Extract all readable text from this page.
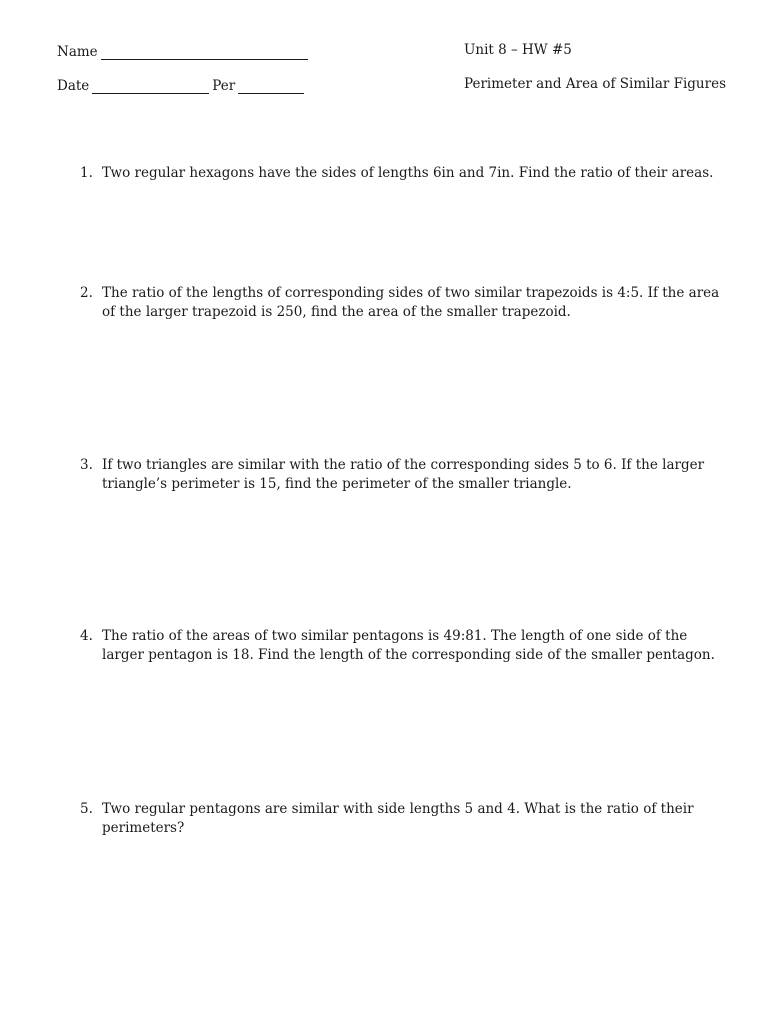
Name
Date	Per
Unit 8 – HW #5
Perimeter and Area of Similar Figures
1. Two regular hexagons have the sides of lengths 6in and 7in. Find the ratio of their areas.
2. The ratio of the lengths of corresponding sides of two similar trapezoids is 4:5. If the area of the larger trapezoid is 250, find the area of the smaller trapezoid.
3. If two triangles are similar with the ratio of the corresponding sides 5 to 6. If the larger triangle’s perimeter is 15, find the perimeter of the smaller triangle.
4. The ratio of the areas of two similar pentagons is 49:81. The length of one side of the larger pentagon is 18. Find the length of the corresponding side of the smaller pentagon.
5. Two regular pentagons are similar with side lengths 5 and 4. What is the ratio of their perimeters?
